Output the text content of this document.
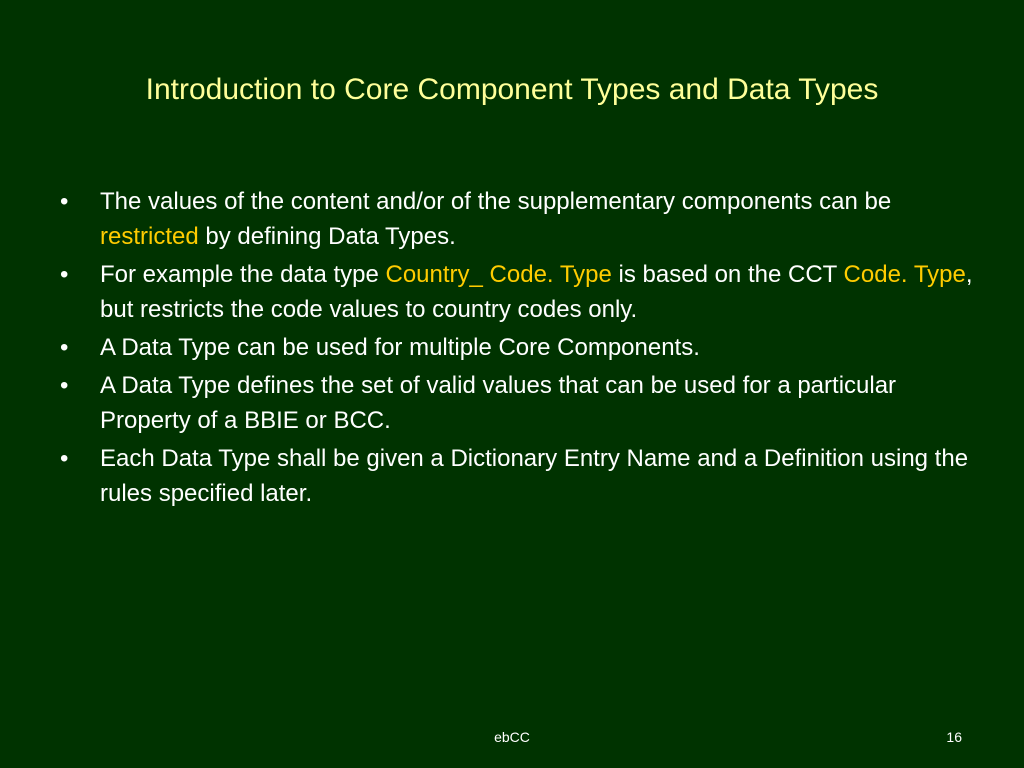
Introduction to Core Component Types and Data Types
•	The values of the content and/or of the supplementary components can be restricted by defining Data Types.
•	For example the data type Country_ Code. Type is based on the CCT Code. Type, but restricts the code values to country codes only.
•	A Data Type can be used for multiple Core Components.
•	A Data Type defines the set of valid values that can be used for a particular Property of a BBIE or BCC.
•	Each Data Type shall be given a Dictionary Entry Name and a Definition using the rules specified later.
ebCC	16
